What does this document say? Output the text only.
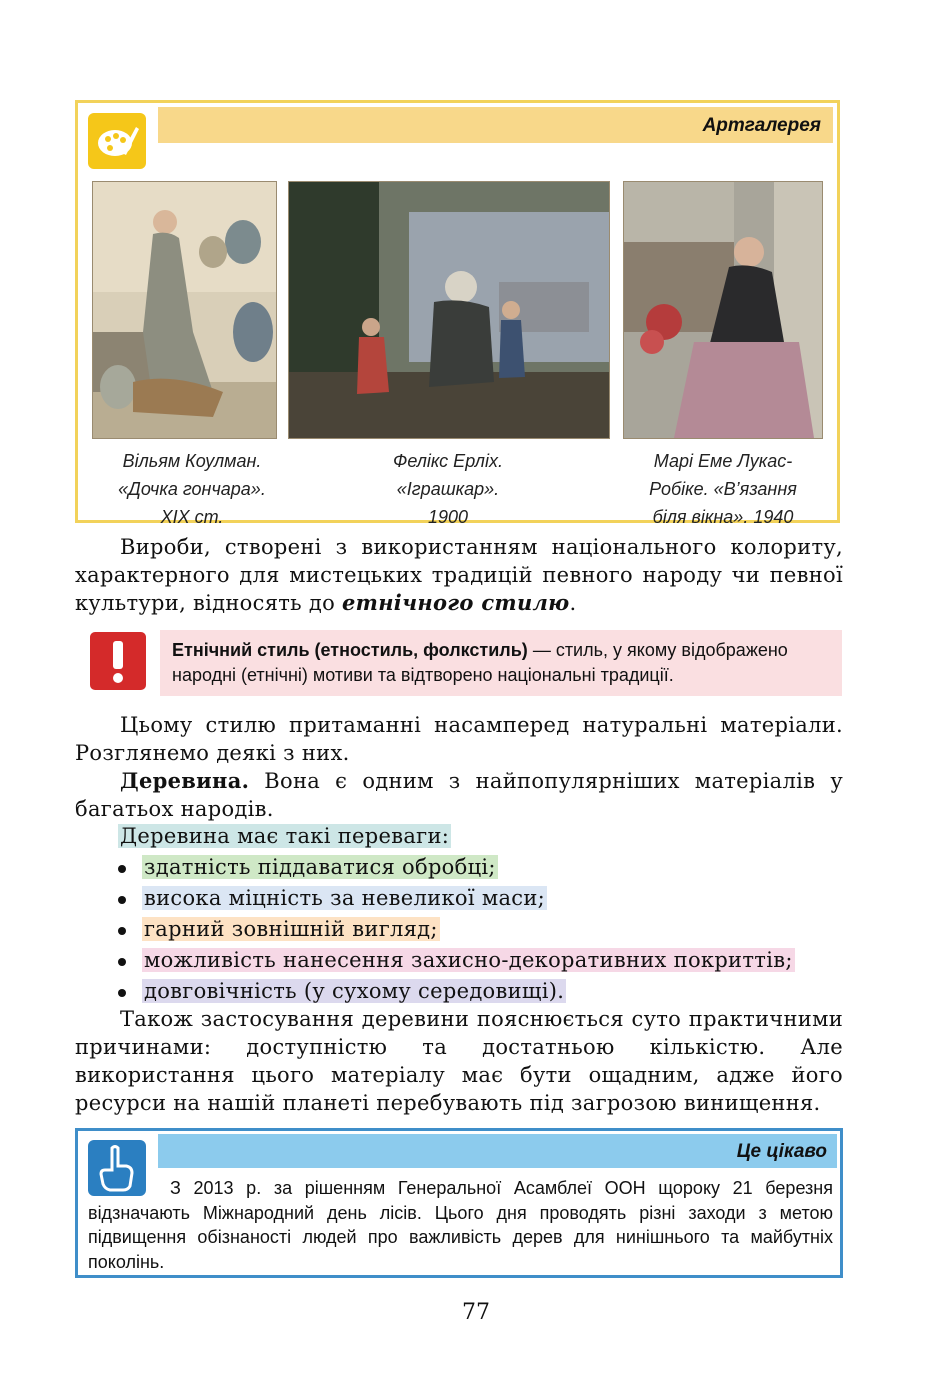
Артгалерея
Вільям Коулман.
«Дочка гончара».
XIX ст.
Фелікс Ерліх.
«Іграшкар».
1900
Марі Еме Лукас-
Робіке. «В’язання
біля вікна». 1940
Вироби, створені з використанням національного колориту, характерного для мистецьких традицій певного народу чи певної культури, відносять до етнічного стилю.
Етнічний стиль (етностиль, фолкстиль) — стиль, у якому відображено народні (етнічні) мотиви та відтворено національні традиції.
Цьому стилю притаманні насамперед натуральні матеріали. Розглянемо деякі з них.
Деревина. Вона є одним з найпопулярніших матеріалів у багатьох народів.
Деревина має такі переваги:
здатність піддаватися обробці;
висока міцність за невеликої маси;
гарний зовнішній вигляд;
можливість нанесення захисно-декоративних покриттів;
довговічність (у сухому середовищі).
Також застосування деревини пояснюється суто практичними причинами: доступністю та достатньою кількістю. Але використання цього матеріалу має бути ощадним, адже його ресурси на нашій планеті перебувають під загрозою винищення.
Це цікаво
З 2013 р. за рішенням Генеральної Асамблеї ООН щороку 21 березня відзначають Міжнародний день лісів. Цього дня проводять різні заходи з метою підвищення обізнаності людей про важливість дерев для нинішнього та майбутніх поколінь.
77
